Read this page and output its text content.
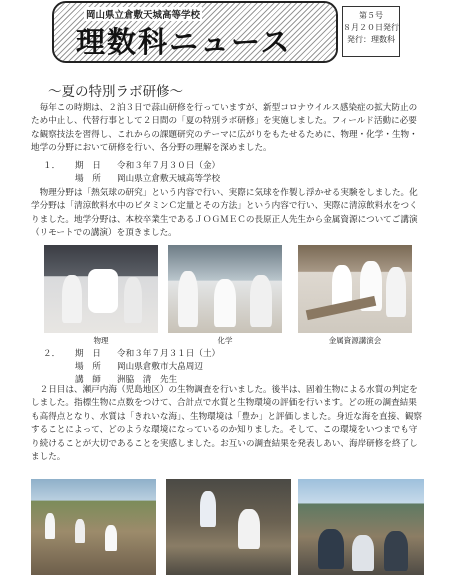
岡山県立倉敷天城高等学校
理数科ニュース
第５号
８月２０日発行
発行：理数科
～夏の特別ラボ研修～

毎年この時期は、２泊３日で蒜山研修を行っていますが、新型コロナウイルス感染症の拡大防止のため中止し、代替行事として２日間の「夏の特別ラボ研修」を実施しました。フィールド活動に必要な観察技法を習得し、これからの課題研究のテーマに広がりをもたせるために、物理・化学・生物・地学の分野において研修を行い、各分野の理解を深めました。

１． 期　日 令和３年７月３０日（金）
場　所 岡山県立倉敷天城高等学校

物理分野は「熱気球の研究」という内容で行い、実際に気球を作製し浮かせる実験をしました。化学分野は「清涼飲料水中のビタミンＣ定量とその方法」という内容で行い、実際に清涼飲料水をつくりました。地学分野は、本校卒業生であるＪＯＧＭＥＣの長原正人先生から金属資源についてご講演（リモートでの講演）を頂きました。

物理	化学	金属資源講演会
２． 期　日 令和３年７月３１日（土）
場　所 岡山県倉敷市大畠周辺
講　師 洲脇　清　先生

２日目は、瀬戸内海（児島地区）の生物調査を行いました。後半は、固着生物による水質の判定をしました。指標生物に点数をつけて、合計点で水質と生物環境の評価を行います。どの班の調査結果も高得点となり、水質は「きれいな海」、生物環境は「豊か」と評価しました。身近な海を直接、観察することによって、どのような環境になっているのか知りました。そして、この環境をいつまでも守り続けることが大切であることを実感しました。お互いの調査結果を発表しあい、海岸研修を終了しました。
